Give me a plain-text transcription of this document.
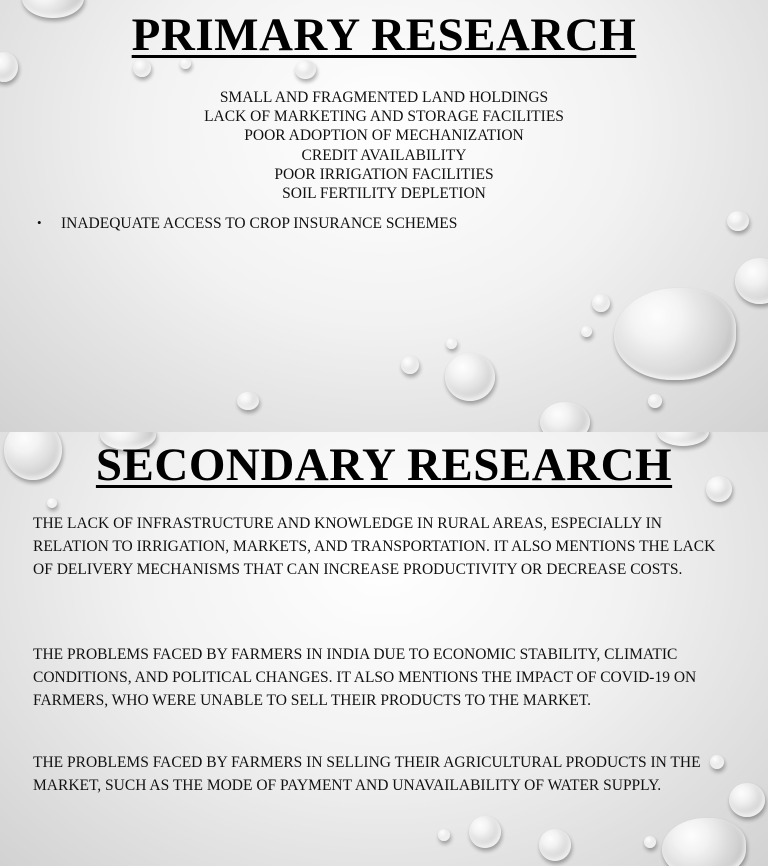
PRIMARY RESEARCH
SMALL AND FRAGMENTED LAND HOLDINGS
LACK OF MARKETING AND STORAGE FACILITIES
POOR ADOPTION OF MECHANIZATION
CREDIT AVAILABILITY
POOR IRRIGATION FACILITIES
SOIL FERTILITY DEPLETION
• INADEQUATE ACCESS TO CROP INSURANCE SCHEMES
SECONDARY RESEARCH

THE LACK OF INFRASTRUCTURE AND KNOWLEDGE IN RURAL AREAS, ESPECIALLY IN RELATION TO IRRIGATION, MARKETS, AND TRANSPORTATION. IT ALSO MENTIONS THE LACK OF DELIVERY MECHANISMS THAT CAN INCREASE PRODUCTIVITY OR DECREASE COSTS.

THE PROBLEMS FACED BY FARMERS IN INDIA DUE TO ECONOMIC STABILITY, CLIMATIC CONDITIONS, AND POLITICAL CHANGES. IT ALSO MENTIONS THE IMPACT OF COVID-19 ON FARMERS, WHO WERE UNABLE TO SELL THEIR PRODUCTS TO THE MARKET.

THE PROBLEMS FACED BY FARMERS IN SELLING THEIR AGRICULTURAL PRODUCTS IN THE MARKET, SUCH AS THE MODE OF PAYMENT AND UNAVAILABILITY OF WATER SUPPLY.
